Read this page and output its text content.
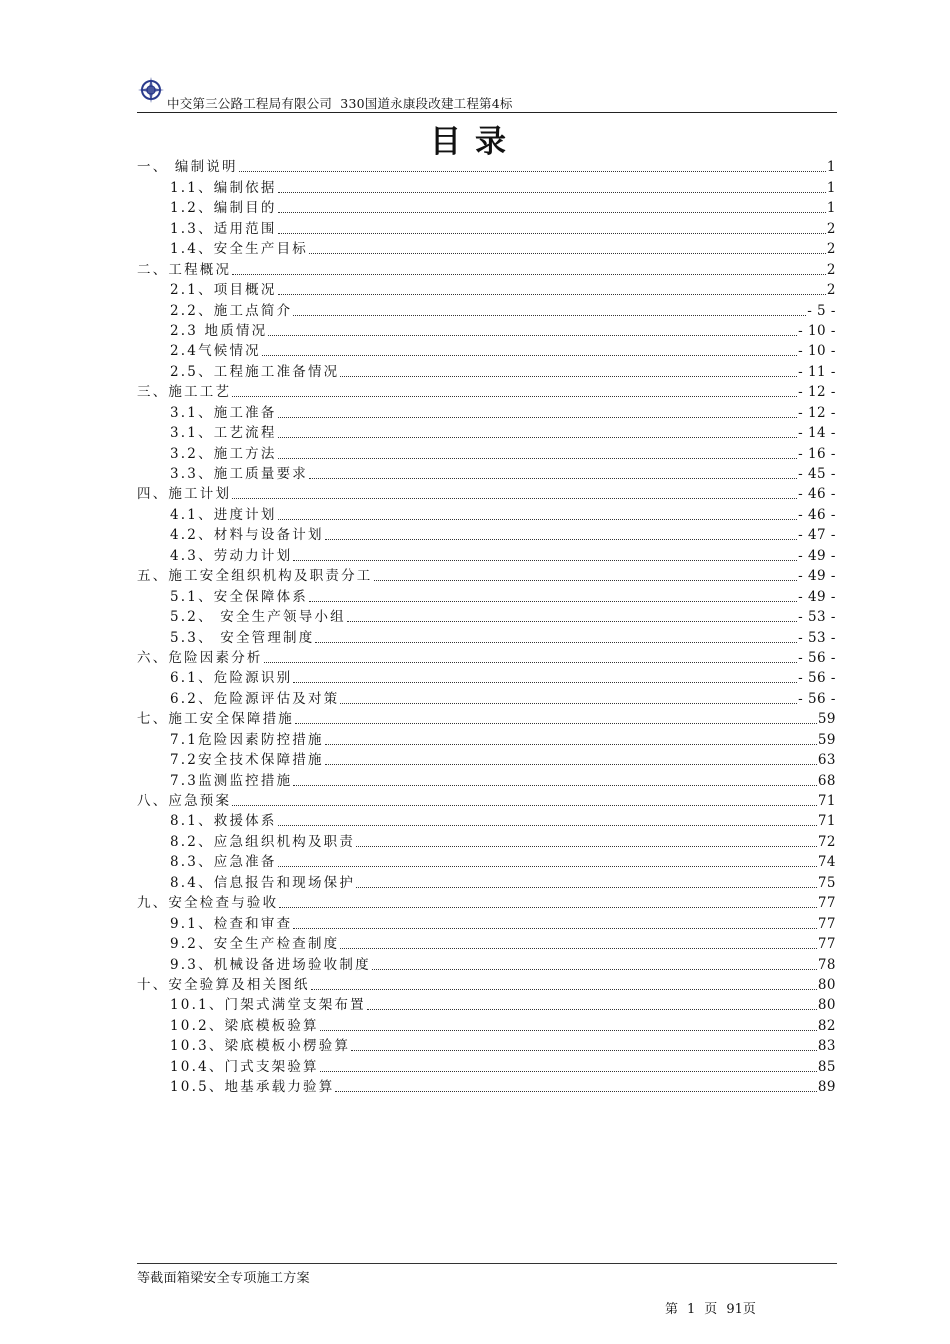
中交第三公路工程局有限公司 330国道永康段改建工程第4标
目录
一、 编制说明	1
1.1、编制依据	1
1.2、编制目的	1
1.3、适用范围	2
1.4、安全生产目标	2
二、工程概况	2
2.1、项目概况	2
2.2、施工点简介	- 5 -
2.3 地质情况	- 10 -
2.4气候情况	- 10 -
2.5、工程施工准备情况	- 11 -
三、施工工艺	- 12 -
3.1、施工准备	- 12 -
3.1、工艺流程	- 14 -
3.2、施工方法	- 16 -
3.3、施工质量要求	- 45 -
四、施工计划	- 46 -
4.1、进度计划	- 46 -
4.2、材料与设备计划	- 47 -
4.3、劳动力计划	- 49 -
五、施工安全组织机构及职责分工	- 49 -
5.1、安全保障体系	- 49 -
5.2、 安全生产领导小组	- 53 -
5.3、 安全管理制度	- 53 -
六、危险因素分析	- 56 -
6.1、危险源识别	- 56 -
6.2、危险源评估及对策	- 56 -
七、施工安全保障措施	59
7.1危险因素防控措施	59
7.2安全技术保障措施	63
7.3监测监控措施	68
八、应急预案	71
8.1、救援体系	71
8.2、应急组织机构及职责	72
8.3、应急准备	74
8.4、信息报告和现场保护	75
九、安全检查与验收	77
9.1、检查和审查	77
9.2、安全生产检查制度	77
9.3、机械设备进场验收制度	78
十、安全验算及相关图纸	80
10.1、门架式满堂支架布置	80
10.2、梁底模板验算	82
10.3、梁底模板小楞验算	83
10.4、门式支架验算	85
10.5、地基承载力验算	89
等截面箱梁安全专项施工方案
第 1 页 91页
